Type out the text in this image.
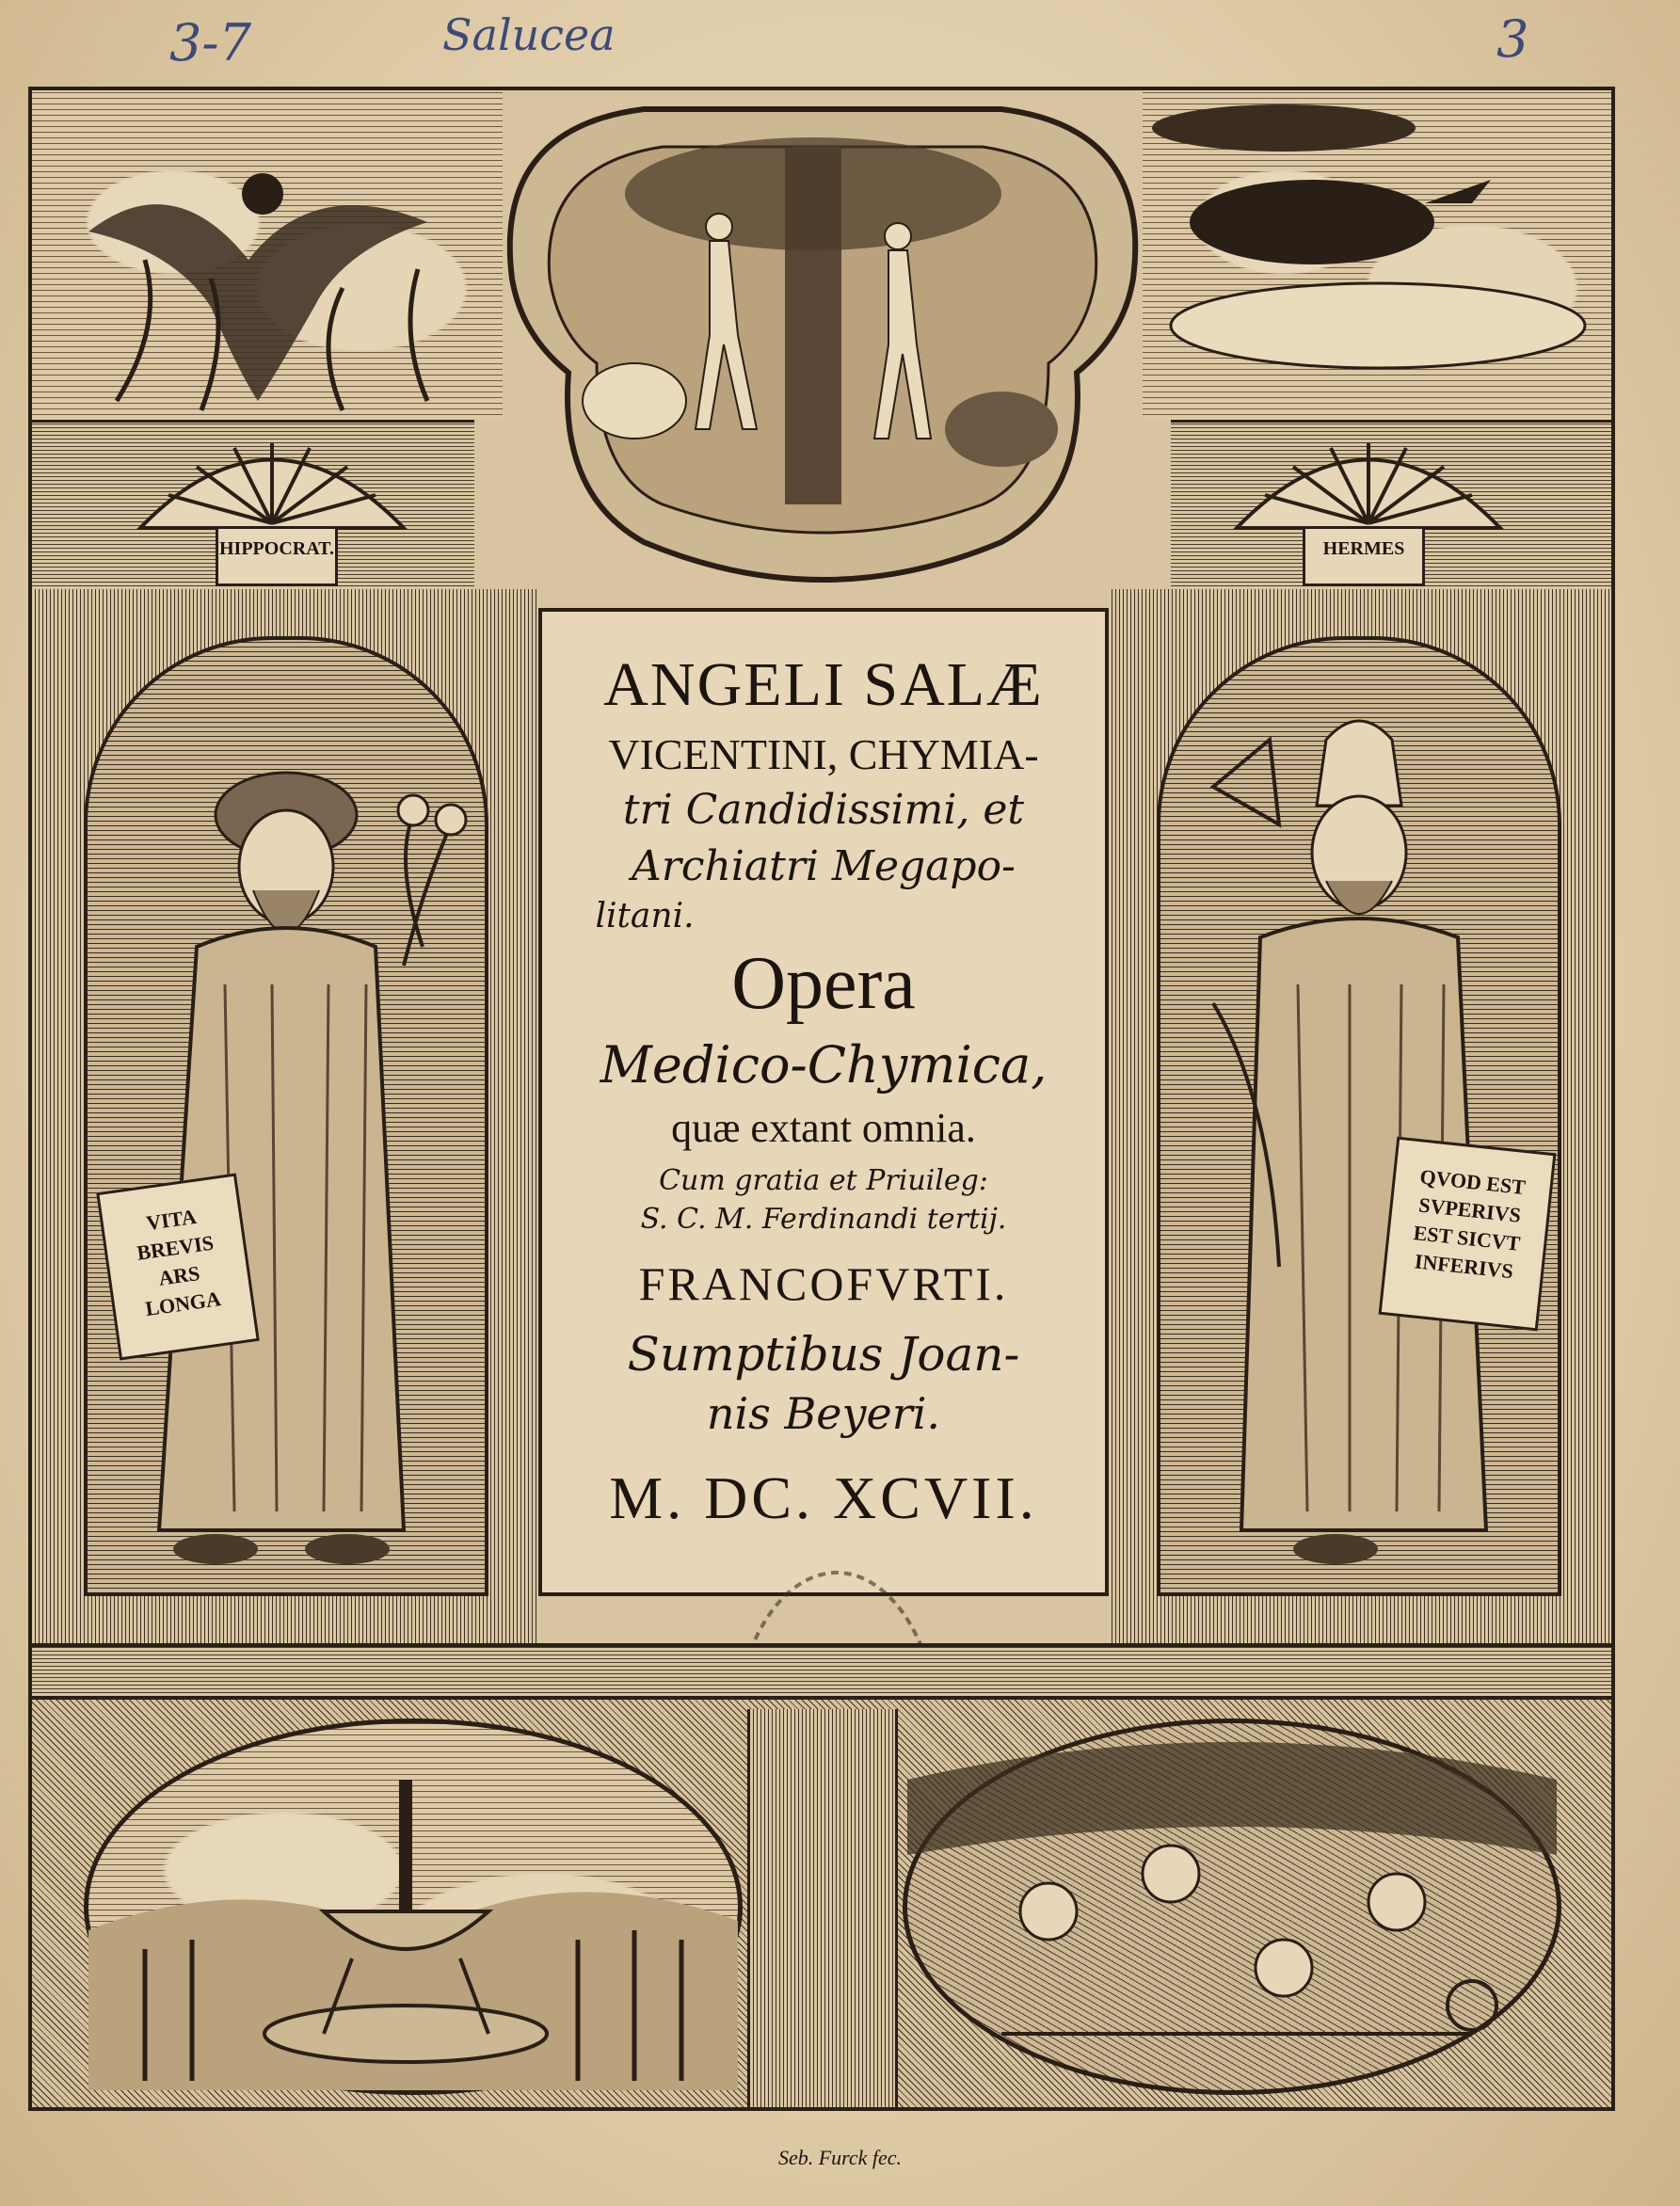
3-7	Salucea	3
HIPPOCRAT.	HERMES
VITA
BREVIS
ARS
LONGA
QVOD EST
SVPERIVS
EST SICVT
INFERIVS
ANGELI SALÆ
VICENTINI, CHYMIA-
tri Candidissimi, et
Archiatri Megapo-
litani.
Opera
Medico-Chymica,
quæ extant omnia.
Cum gratia et Priuileg:
S. C. M. Ferdinandi tertij.
FRANCOFVRTI.
Sumptibus Joan-
nis Beyeri.
M. DC. XCVII.
Seb. Furck fec.
